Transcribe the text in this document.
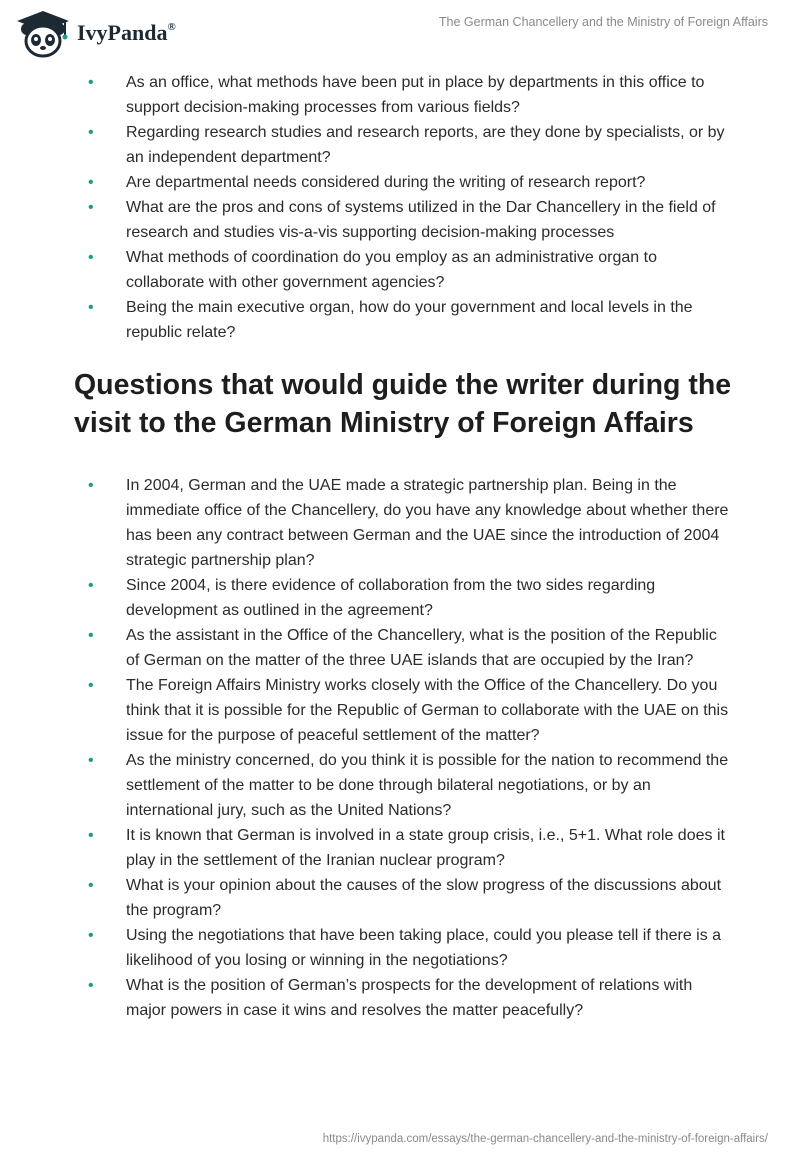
IvyPanda®	The German Chancellery and the Ministry of Foreign Affairs
• As an office, what methods have been put in place by departments in this office to support decision-making processes from various fields?
• Regarding research studies and research reports, are they done by specialists, or by an independent department?
• Are departmental needs considered during the writing of research report?
• What are the pros and cons of systems utilized in the Dar Chancellery in the field of research and studies vis-a-vis supporting decision-making processes
• What methods of coordination do you employ as an administrative organ to collaborate with other government agencies?
• Being the main executive organ, how do your government and local levels in the republic relate?
Questions that would guide the writer during the visit to the German Ministry of Foreign Affairs
• In 2004, German and the UAE made a strategic partnership plan. Being in the immediate office of the Chancellery, do you have any knowledge about whether there has been any contract between German and the UAE since the introduction of 2004 strategic partnership plan?
• Since 2004, is there evidence of collaboration from the two sides regarding development as outlined in the agreement?
• As the assistant in the Office of the Chancellery, what is the position of the Republic of German on the matter of the three UAE islands that are occupied by the Iran?
• The Foreign Affairs Ministry works closely with the Office of the Chancellery. Do you think that it is possible for the Republic of German to collaborate with the UAE on this issue for the purpose of peaceful settlement of the matter?
• As the ministry concerned, do you think it is possible for the nation to recommend the settlement of the matter to be done through bilateral negotiations, or by an international jury, such as the United Nations?
• It is known that German is involved in a state group crisis, i.e., 5+1. What role does it play in the settlement of the Iranian nuclear program?
• What is your opinion about the causes of the slow progress of the discussions about the program?
• Using the negotiations that have been taking place, could you please tell if there is a likelihood of you losing or winning in the negotiations?
• What is the position of German’s prospects for the development of relations with major powers in case it wins and resolves the matter peacefully?
https://ivypanda.com/essays/the-german-chancellery-and-the-ministry-of-foreign-affairs/
